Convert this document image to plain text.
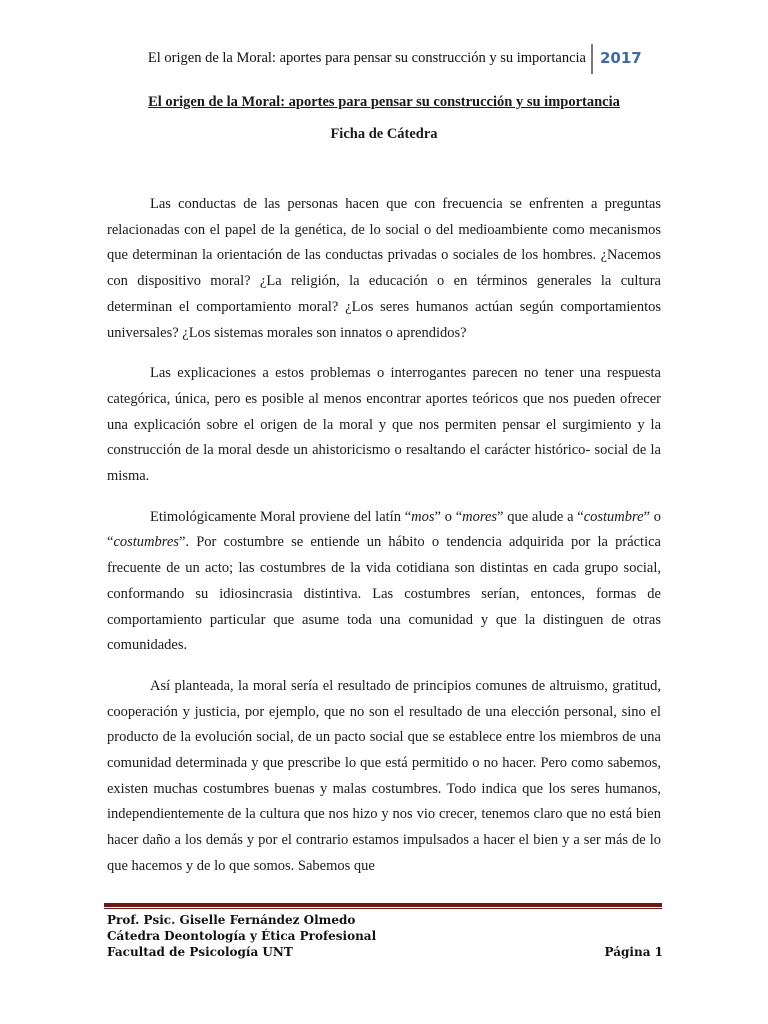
El origen de la Moral: aportes para pensar su construcción y su importancia 2017
El origen de la Moral: aportes para pensar su construcción y su importancia
Ficha de Cátedra

Las conductas de las personas hacen que con frecuencia se enfrenten a preguntas relacionadas con el papel de la genética, de lo social o del medioambiente como mecanismos que determinan la orientación de las conductas privadas o sociales de los hombres. ¿Nacemos con dispositivo moral? ¿La religión, la educación o en términos generales la cultura determinan el comportamiento moral? ¿Los seres humanos actúan según comportamientos universales? ¿Los sistemas morales son innatos o aprendidos?

Las explicaciones a estos problemas o interrogantes parecen no tener una respuesta categórica, única, pero es posible al menos encontrar aportes teóricos que nos pueden ofrecer una explicación sobre el origen de la moral y que nos permiten pensar el surgimiento y la construcción de la moral desde un ahistoricismo o resaltando el carácter histórico- social de la misma.

Etimológicamente Moral proviene del latín “mos” o “mores” que alude a “costumbre” o “costumbres”. Por costumbre se entiende un hábito o tendencia adquirida por la práctica frecuente de un acto; las costumbres de la vida cotidiana son distintas en cada grupo social, conformando su idiosincrasia distintiva. Las costumbres serían, entonces, formas de comportamiento particular que asume toda una comunidad y que la distinguen de otras comunidades.

Así planteada, la moral sería el resultado de principios comunes de altruismo, gratitud, cooperación y justicia, por ejemplo, que no son el resultado de una elección personal, sino el producto de la evolución social, de un pacto social que se establece entre los miembros de una comunidad determinada y que prescribe lo que está permitido o no hacer. Pero como sabemos, existen muchas costumbres buenas y malas costumbres. Todo indica que los seres humanos, independientemente de la cultura que nos hizo y nos vio crecer, tenemos claro que no está bien hacer daño a los demás y por el contrario estamos impulsados a hacer el bien y a ser más de lo que hacemos y de lo que somos. Sabemos que

Prof. Psic. Giselle Fernández Olmedo
Cátedra Deontología y Ética Profesional
Facultad de Psicología UNT	Página 1
